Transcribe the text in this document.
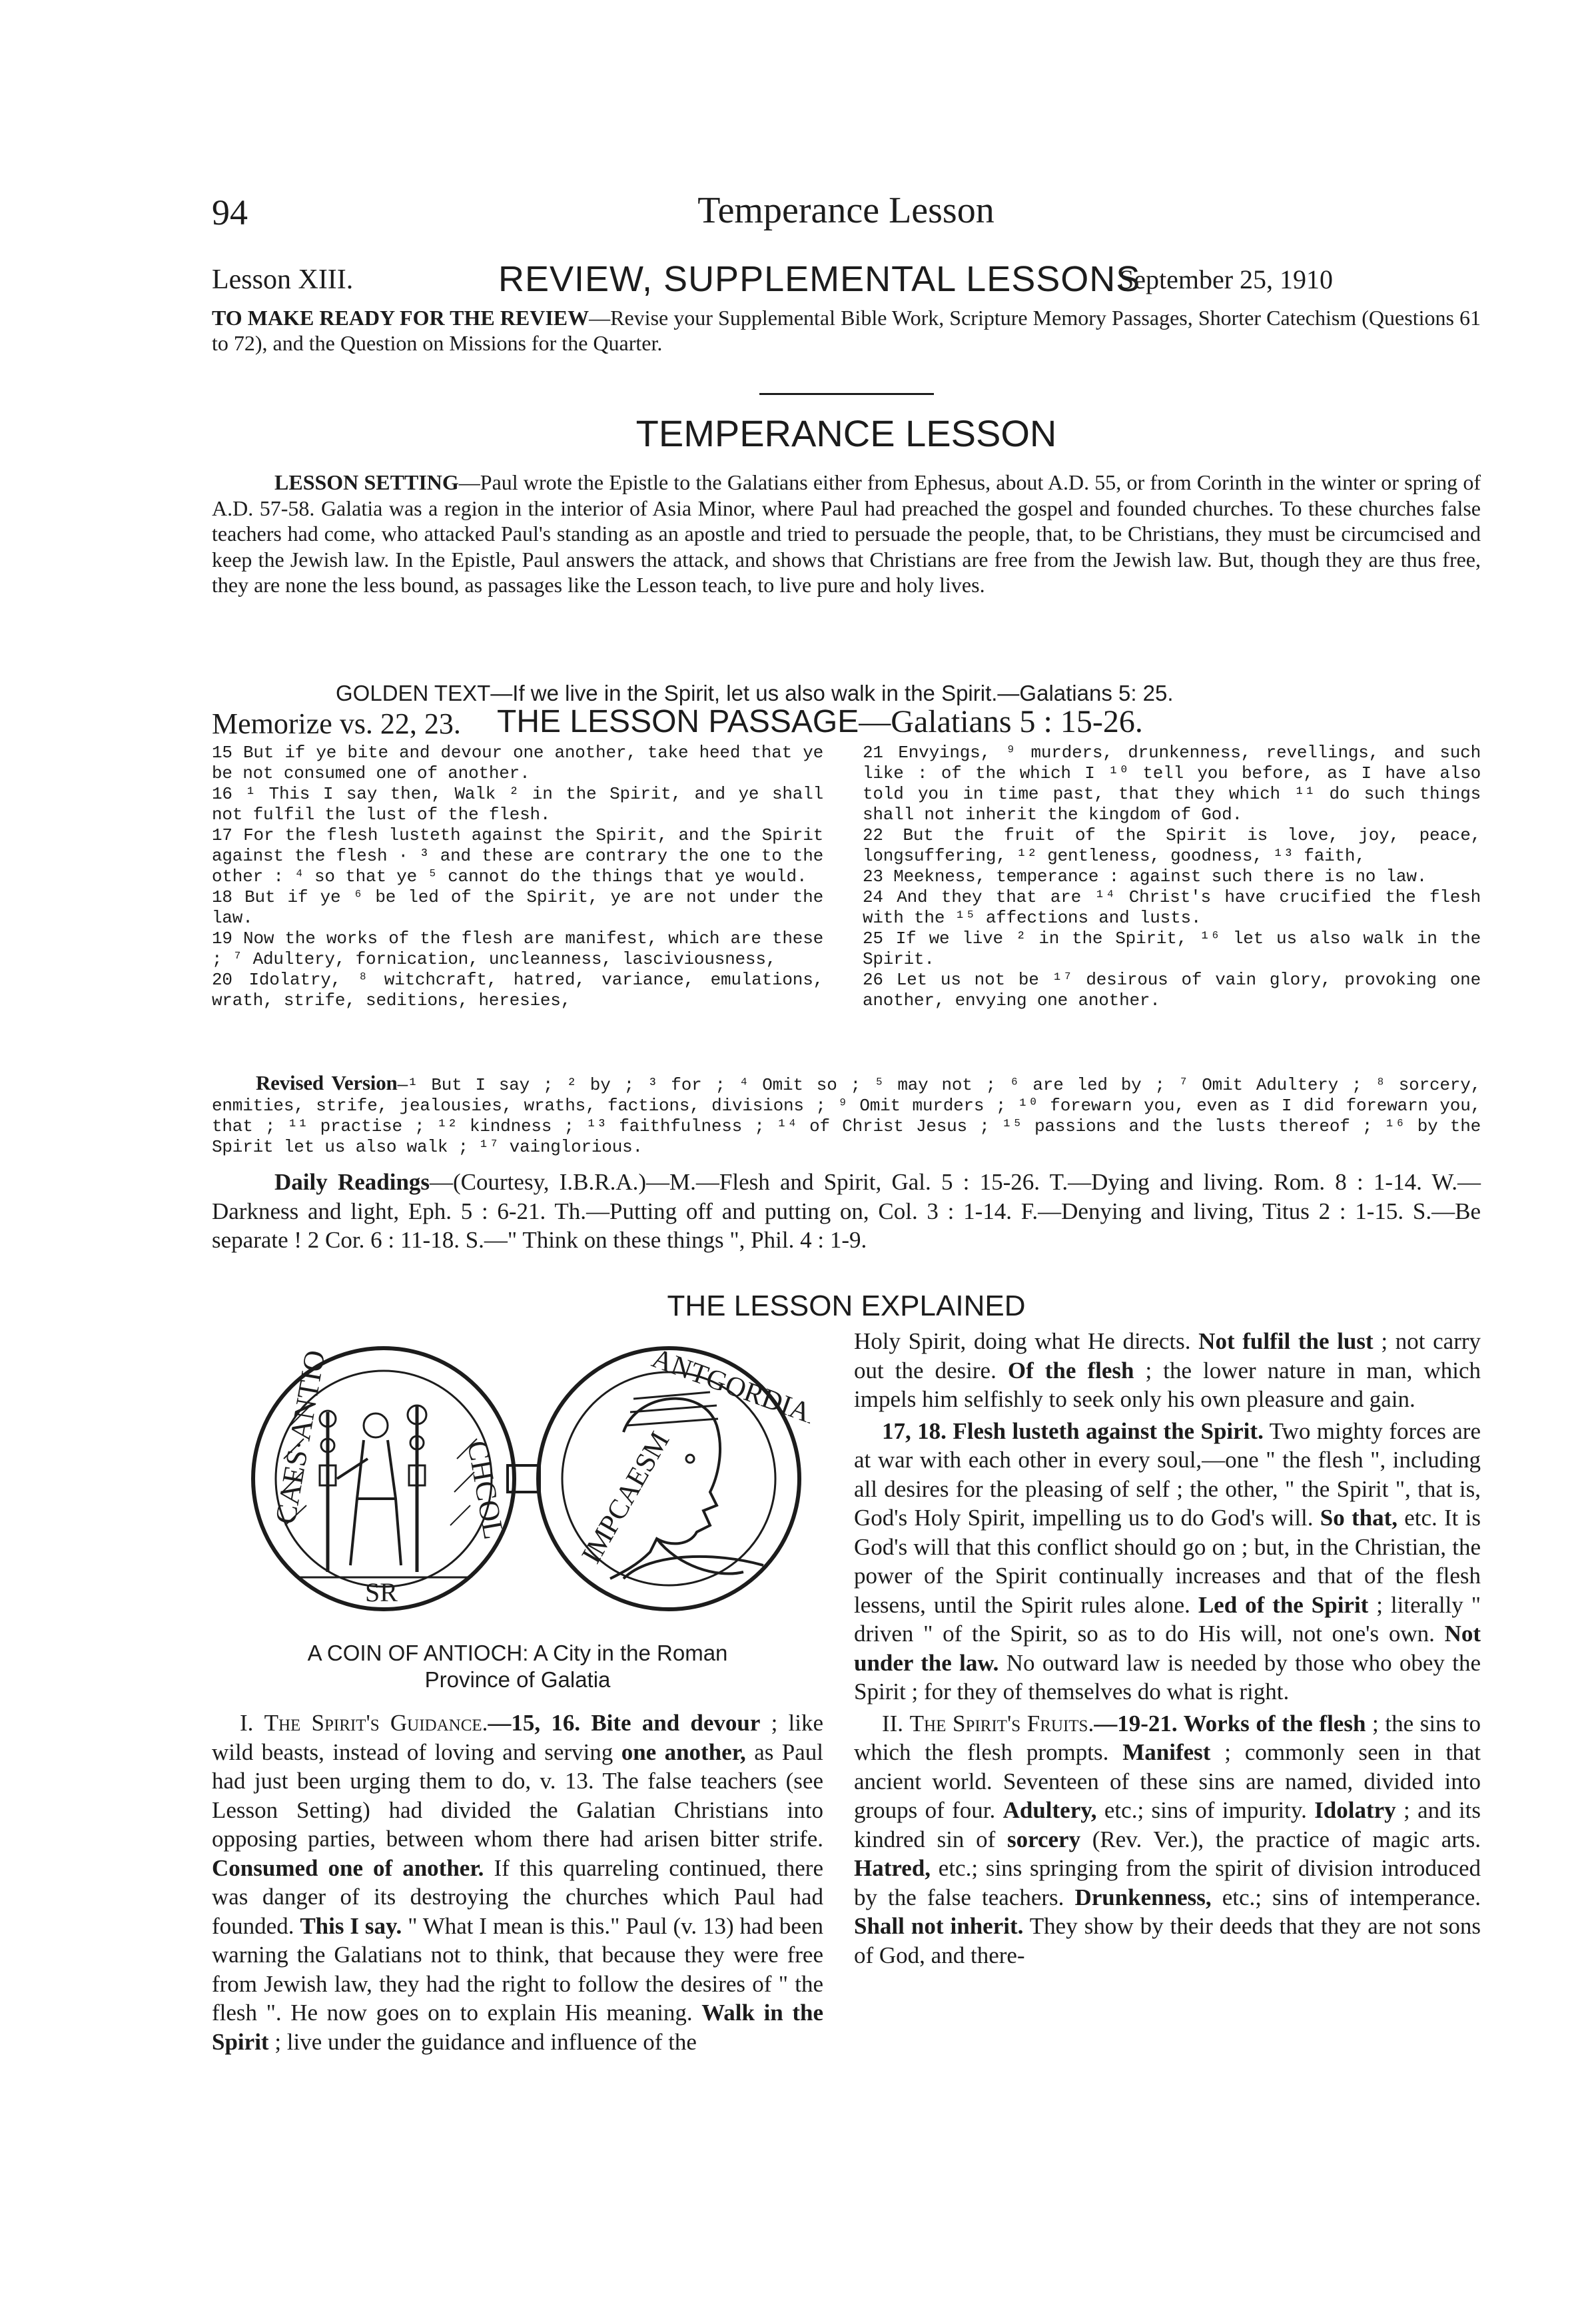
94	Temperance Lesson
Lesson XIII.	REVIEW, SUPPLEMENTAL LESSONS
September 25, 1910
TO MAKE READY FOR THE REVIEW—Revise your Supplemental Bible Work, Scripture Memory Passages, Shorter Catechism (Questions 61 to 72), and the Question on Missions for the Quarter.
TEMPERANCE LESSON
LESSON SETTING—Paul wrote the Epistle to the Galatians either from Ephesus, about A.D. 55, or from Corinth in the winter or spring of A.D. 57-58. Galatia was a region in the interior of Asia Minor, where Paul had preached the gospel and founded churches. To these churches false teachers had come, who attacked Paul's standing as an apostle and tried to persuade the people, that, to be Christians, they must be circumcised and keep the Jewish law. In the Epistle, Paul answers the attack, and shows that Christians are free from the Jewish law. But, though they are thus free, they are none the less bound, as passages like the Lesson teach, to live pure and holy lives.
GOLDEN TEXT—If we live in the Spirit, let us also walk in the Spirit.—Galatians 5: 25.
Memorize vs. 22, 23. THE LESSON PASSAGE—Galatians 5 : 15-26.

15 But if ye bite and devour one another, take heed that ye be not consumed one of another.

16 ¹ This I say then, Walk ² in the Spirit, and ye shall not fulfil the lust of the flesh.

17 For the flesh lusteth against the Spirit, and the Spirit against the flesh · ³ and these are contrary the one to the other : ⁴ so that ye ⁵ cannot do the things that ye would.

18 But if ye ⁶ be led of the Spirit, ye are not under the law.

19 Now the works of the flesh are manifest, which are these ; ⁷ Adultery, fornication, uncleanness, lasciviousness,

20 Idolatry, ⁸ witchcraft, hatred, variance, emulations, wrath, strife, seditions, heresies,

21 Envyings, ⁹ murders, drunkenness, revellings, and such like : of the which I ¹⁰ tell you before, as I have also told you in time past, that they which ¹¹ do such things shall not inherit the kingdom of God.

22 But the fruit of the Spirit is love, joy, peace, longsuffering, ¹² gentleness, goodness, ¹³ faith,

23 Meekness, temperance : against such there is no law.

24 And they that are ¹⁴ Christ's have crucified the flesh with the ¹⁵ affections and lusts.

25 If we live ² in the Spirit, ¹⁶ let us also walk in the Spirit.

26 Let us not be ¹⁷ desirous of vain glory, provoking one another, envying one another.

Revised Version—¹ But I say ; ² by ; ³ for ; ⁴ Omit so ; ⁵ may not ; ⁶ are led by ; ⁷ Omit Adultery ; ⁸ sorcery, enmities, strife, jealousies, wraths, factions, divisions ; ⁹ Omit murders ; ¹⁰ forewarn you, even as I did forewarn you, that ; ¹¹ practise ; ¹² kindness ; ¹³ faithfulness ; ¹⁴ of Christ Jesus ; ¹⁵ passions and the lusts thereof ; ¹⁶ by the Spirit let us also walk ; ¹⁷ vainglorious.
Daily Readings—(Courtesy, I.B.R.A.)—M.—Flesh and Spirit, Gal. 5 : 15-26. T.—Dying and living. Rom. 8 : 1-14. W.—Darkness and light, Eph. 5 : 6-21. Th.—Putting off and putting on, Col. 3 : 1-14. F.—Denying and living, Titus 2 : 1-15. S.—Be separate ! 2 Cor. 6 : 11-18. S.—" Think on these things ", Phil. 4 : 1-9.
THE LESSON EXPLAINED
CAES·ANTIO	CHCOL
SR
IMPCAESM
ANTGORDIANVSAVG
A COIN OF ANTIOCH: A City in the Roman
Province of Galatia
I. The Spirit's Guidance.—15, 16. Bite and devour ; like wild beasts, instead of loving and serving one another, as Paul had just been urging them to do, v. 13. The false teachers (see Lesson Setting) had divided the Galatian Christians into opposing parties, between whom there had arisen bitter strife. Consumed one of another. If this quarreling continued, there was danger of its destroying the churches which Paul had founded. This I say. " What I mean is this." Paul (v. 13) had been warning the Galatians not to think, that because they were free from Jewish law, they had the right to follow the desires of " the flesh ". He now goes on to explain His meaning. Walk in the Spirit ; live under the guidance and influence of the

Holy Spirit, doing what He directs. Not fulfil the lust ; not carry out the desire. Of the flesh ; the lower nature in man, which impels him selfishly to seek only his own pleasure and gain.

17, 18. Flesh lusteth against the Spirit. Two mighty forces are at war with each other in every soul,—one " the flesh ", including all desires for the pleasing of self ; the other, " the Spirit ", that is, God's Holy Spirit, impelling us to do God's will. So that, etc. It is God's will that this conflict should go on ; but, in the Christian, the power of the Spirit continually increases and that of the flesh lessens, until the Spirit rules alone. Led of the Spirit ; literally " driven " of the Spirit, so as to do His will, not one's own. Not under the law. No outward law is needed by those who obey the Spirit ; for they of themselves do what is right.

II. The Spirit's Fruits.—19-21. Works of the flesh ; the sins to which the flesh prompts. Manifest ; commonly seen in that ancient world. Seventeen of these sins are named, divided into groups of four. Adultery, etc.; sins of impurity. Idolatry ; and its kindred sin of sorcery (Rev. Ver.), the practice of magic arts. Hatred, etc.; sins springing from the spirit of division introduced by the false teachers. Drunkenness, etc.; sins of intemperance. Shall not inherit. They show by their deeds that they are not sons of God, and there-
